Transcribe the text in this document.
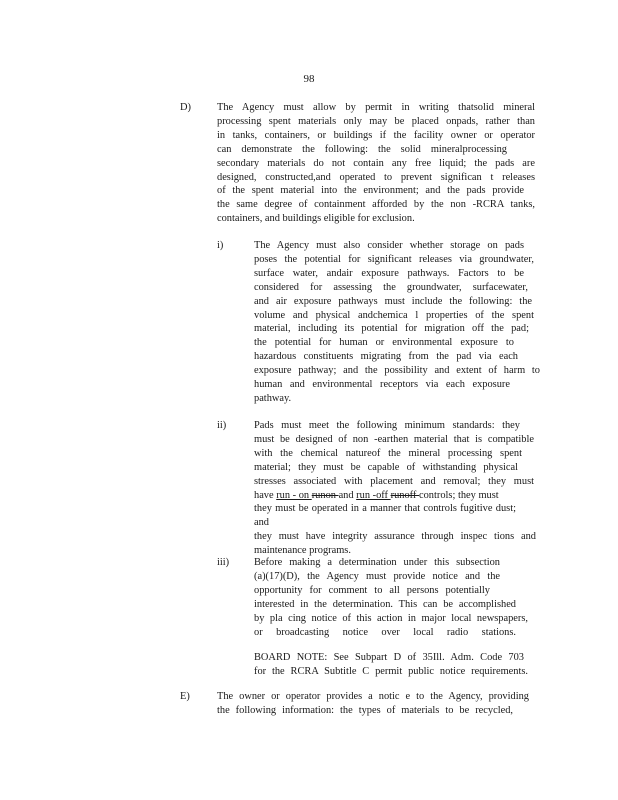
98
D)	The Agency must allow by permit in writing thatsolid mineral
processing spent materials only may be placed onpads, rather than
in tanks, containers, or buildings if the facility owner or operator
can demonstrate the following: the solid mineralprocessing
secondary materials do not contain any free liquid; the pads are
designed, constructed,and operated to prevent significan t releases
of the spent material into the environment; and the pads provide
the same degree of containment afforded by the non -RCRA tanks,
containers, and buildings eligible for exclusion.
i)	The Agency must also consider whether storage on pads
poses the potential for significant releases via groundwater,
surface water, andair exposure pathways. Factors to be
considered for assessing the groundwater, surfacewater,
and air exposure pathways must include the following: the
volume and physical andchemica l properties of the spent
material, including its potential for migration off the pad;
the potential for human or environmental exposure to
hazardous constituents migrating from the pad via each
exposure pathway; and the possibility and extent of harm to
human and environmental receptors via each exposure
pathway.
ii)	Pads must meet the following minimum standards: they
must be designed of non -earthen material that is compatible
with the chemical natureof the mineral processing spent
material; they must be capable of withstanding physical
stresses associated with placement and removal; they must
have run - on runon and run -off runoff controls; they must
they must be operated in a manner that controls fugitive dust; and
they must have integrity assurance through inspec tions and
maintenance programs.
iii) Before making a determination under this subsection
(a)(17)(D), the Agency must provide notice and the
opportunity for comment to all persons potentially
interested in the determination. This can be accomplished
by pla cing notice of this action in major local newspapers,
or broadcasting notice over local radio stations.
BOARD NOTE: See Subpart D of 35Ill. Adm. Code 703
for the RCRA Subtitle C permit public notice requirements.
E)	The owner or operator provides a notic e to the Agency, providing
the following information: the types of materials to be recycled,
